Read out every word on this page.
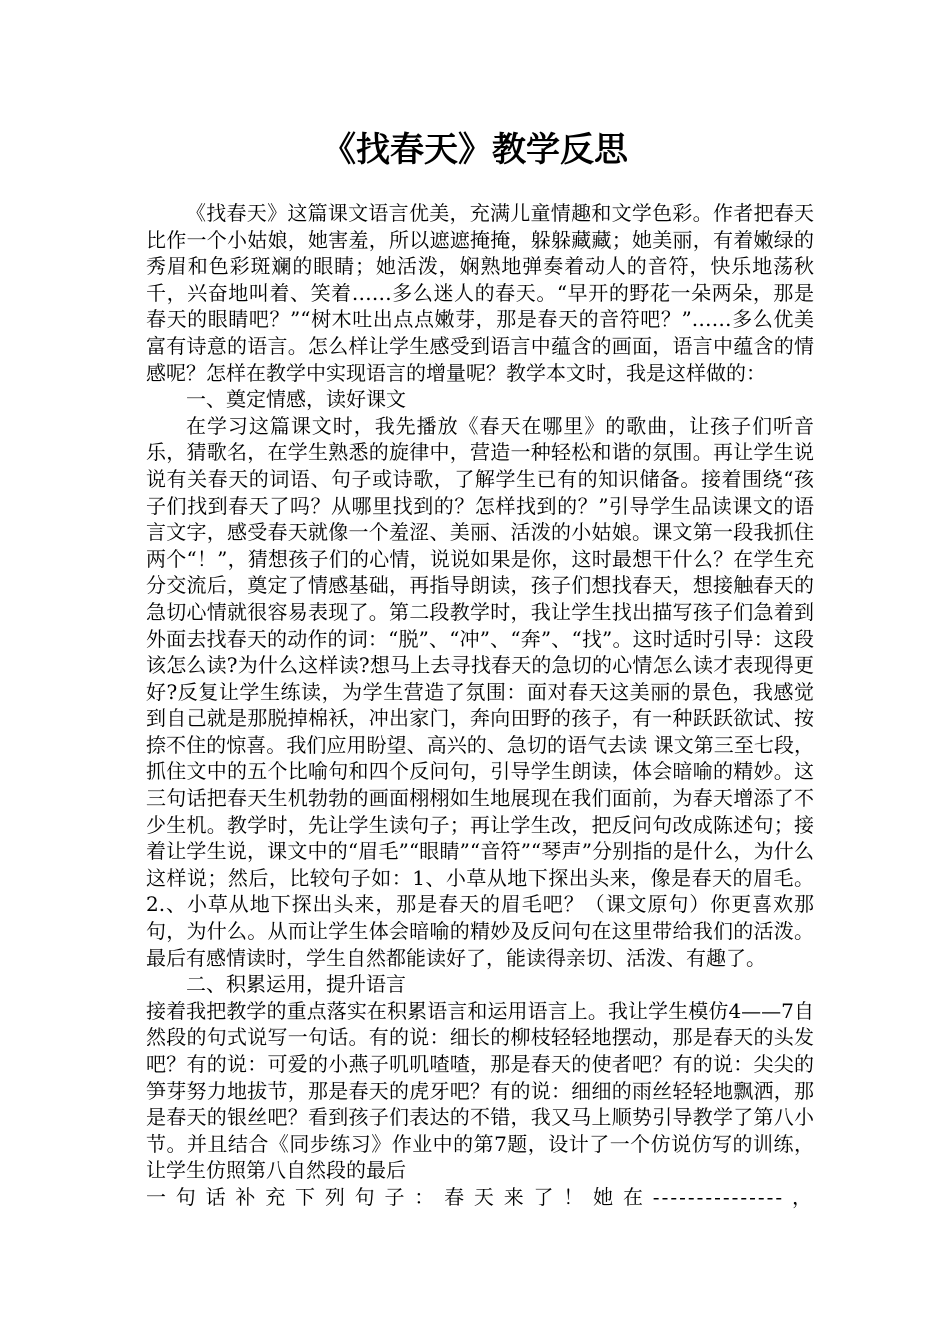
《找春天》教学反思

《找春天》这篇课文语言优美，充满儿童情趣和文学色彩。作者把春天比作一个小姑娘，她害羞，所以遮遮掩掩，躲躲藏藏；她美丽，有着嫩绿的秀眉和色彩斑斓的眼睛；她活泼，娴熟地弹奏着动人的音符，快乐地荡秋千，兴奋地叫着、笑着……多么迷人的春天。“早开的野花一朵两朵，那是春天的眼睛吧？”“树木吐出点点嫩芽，那是春天的音符吧？”……多么优美富有诗意的语言。怎么样让学生感受到语言中蕴含的画面，语言中蕴含的情感呢？怎样在教学中实现语言的增量呢？教学本文时，我是这样做的：

一、奠定情感，读好课文

在学习这篇课文时，我先播放《春天在哪里》的歌曲，让孩子们听音乐，猜歌名，在学生熟悉的旋律中，营造一种轻松和谐的氛围。再让学生说说有关春天的词语、句子或诗歌，了解学生已有的知识储备。接着围绕“孩子们找到春天了吗？从哪里找到的？怎样找到的？”引导学生品读课文的语言文字，感受春天就像一个羞涩、美丽、活泼的小姑娘。课文第一段我抓住两个“！”，猜想孩子们的心情，说说如果是你，这时最想干什么？在学生充分交流后，奠定了情感基础，再指导朗读，孩子们想找春天，想接触春天的急切心情就很容易表现了。第二段教学时，我让学生找出描写孩子们急着到外面去找春天的动作的词：“脱”、“冲”、“奔”、“找”。这时适时引导：这段该怎么读?为什么这样读?想马上去寻找春天的急切的心情怎么读才表现得更好?反复让学生练读，为学生营造了氛围：面对春天这美丽的景色，我感觉到自己就是那脱掉棉袄，冲出家门，奔向田野的孩子，有一种跃跃欲试、按捺不住的惊喜。我们应用盼望、高兴的、急切的语气去读 课文第三至七段，抓住文中的五个比喻句和四个反问句，引导学生朗读，体会暗喻的精妙。这三句话把春天生机勃勃的画面栩栩如生地展现在我们面前，为春天增添了不少生机。教学时，先让学生读句子；再让学生改，把反问句改成陈述句；接着让学生说，课文中的“眉毛”“眼睛”“音符”“琴声”分别指的是什么，为什么这样说；然后，比较句子如：1、小草从地下探出头来，像是春天的眉毛。2.、小草从地下探出头来，那是春天的眉毛吧？（课文原句）你更喜欢那句，为什么。从而让学生体会暗喻的精妙及反问句在这里带给我们的活泼。最后有感情读时，学生自然都能读好了，能读得亲切、活泼、有趣了。

二、积累运用，提升语言

接着我把教学的重点落实在积累语言和运用语言上。我让学生模仿4——7自然段的句式说写一句话。有的说：细长的柳枝轻轻地摆动，那是春天的头发吧？有的说：可爱的小燕子叽叽喳喳，那是春天的使者吧？有的说：尖尖的笋芽努力地拔节，那是春天的虎牙吧？有的说：细细的雨丝轻轻地飘洒，那是春天的银丝吧？看到孩子们表达的不错，我又马上顺势引导教学了第八小节。并且结合《同步练习》作业中的第7题，设计了一个仿说仿写的训练，让学生仿照第八自然段的最后

一句话补充下列句子：春天来了！她在---------------，
